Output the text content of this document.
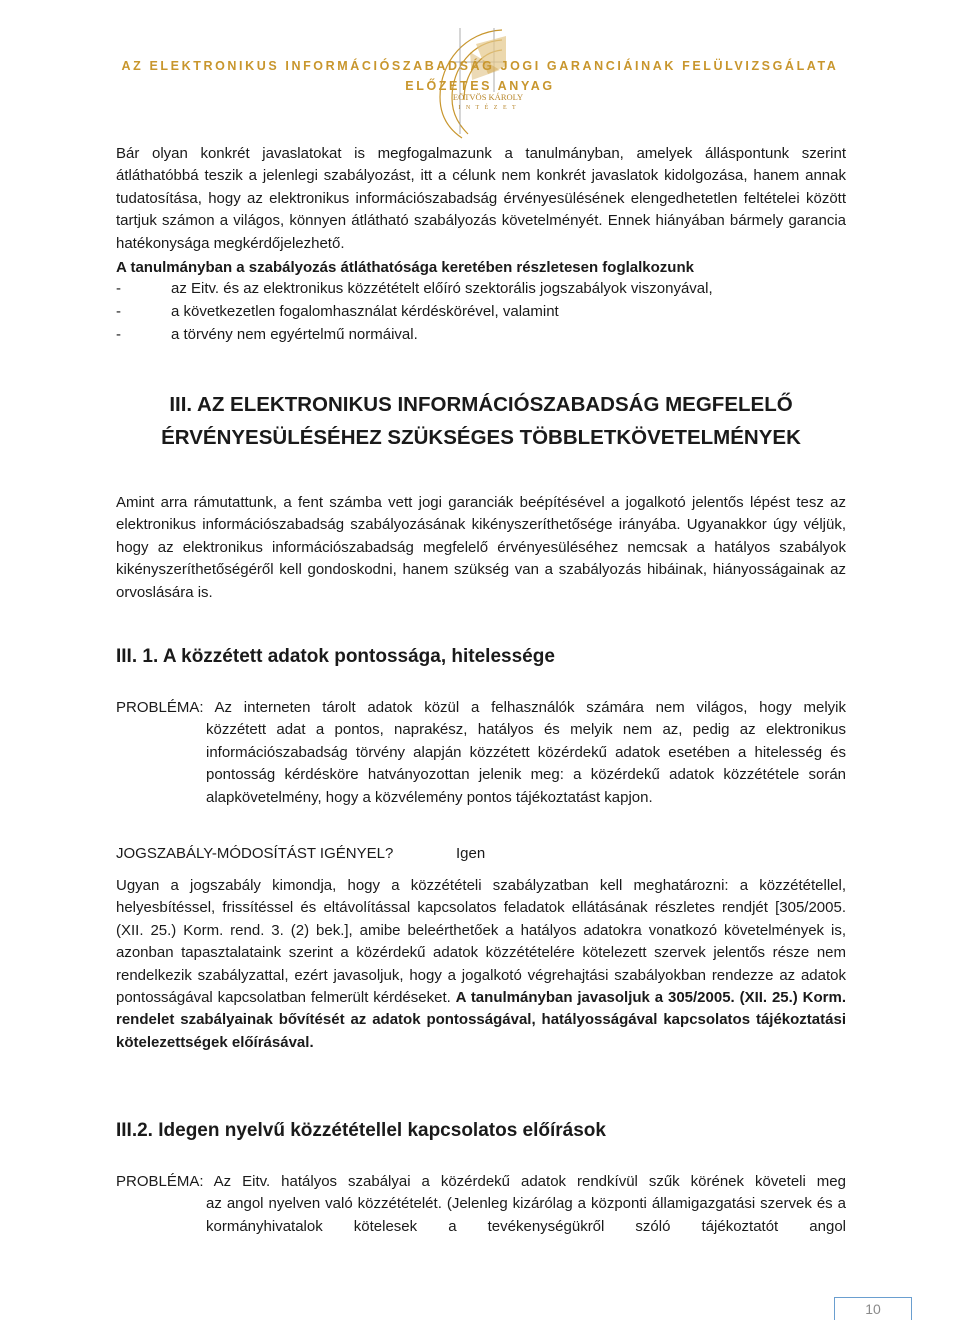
EÖTVÖS KÁROLY
I N T É Z E T
AZ ELEKTRONIKUS INFORMÁCIÓSZABADSÁG JOGI GARANCIÁINAK FELÜLVIZSGÁLATA
ELŐZETES ANYAG
Bár olyan konkrét javaslatokat is megfogalmazunk a tanulmányban, amelyek álláspontunk szerint átláthatóbbá teszik a jelenlegi szabályozást, itt a célunk nem konkrét javaslatok kidolgozása, hanem annak tudatosítása, hogy az elektronikus információszabadság érvényesülésének elengedhetetlen feltételei között tartjuk számon a világos, könnyen átlátható szabályozás követelményét. Ennek hiányában bármely garancia hatékonysága megkérdőjelezhető.
A tanulmányban a szabályozás átláthatósága keretében részletesen foglalkozunk
-	az Eitv. és az elektronikus közzétételt előíró szektorális jogszabályok viszonyával,
-	a következetlen fogalomhasználat kérdéskörével, valamint
-	a törvény nem egyértelmű normáival.
III. AZ ELEKTRONIKUS INFORMÁCIÓSZABADSÁG MEGFELELŐ
ÉRVÉNYESÜLÉSÉHEZ SZÜKSÉGES TÖBBLETKÖVETELMÉNYEK
Amint arra rámutattunk, a fent számba vett jogi garanciák beépítésével a jogalkotó jelentős lépést tesz az elektronikus információszabadság szabályozásának kikényszeríthetősége irányába. Ugyanakkor úgy véljük, hogy az elektronikus információszabadság megfelelő érvényesüléséhez nemcsak a hatályos szabályok kikényszeríthetőségéről kell gondoskodni, hanem szükség van a szabályozás hibáinak, hiányosságainak az orvoslására is.
III. 1. A közzétett adatok pontossága, hitelessége
PROBLÉMA: Az interneten tárolt adatok közül a felhasználók számára nem világos, hogy melyik
közzétett adat a pontos, naprakész, hatályos és melyik nem az, pedig az elektronikus információszabadság törvény alapján közzétett közérdekű adatok esetében a hitelesség és pontosság kérdésköre hatványozottan jelenik meg: a közérdekű adatok közzététele során alapkövetelmény, hogy a közvélemény pontos tájékoztatást kapjon.
JOGSZABÁLY-MÓDOSÍTÁST IGÉNYEL?	Igen
Ugyan a jogszabály kimondja, hogy a közzétételi szabályzatban kell meghatározni: a közzététellel, helyesbítéssel, frissítéssel és eltávolítással kapcsolatos feladatok ellátásának részletes rendjét [305/2005. (XII. 25.) Korm. rend. 3. (2) bek.], amibe beleérthetőek a hatályos adatokra vonatkozó követelmények is, azonban tapasztalataink szerint a közérdekű adatok közzétételére kötelezett szervek jelentős része nem rendelkezik szabályzattal, ezért javasoljuk, hogy a jogalkotó végrehajtási szabályokban rendezze az adatok pontosságával kapcsolatban felmerült kérdéseket. A tanulmányban javasoljuk a 305/2005. (XII. 25.) Korm. rendelet szabályainak bővítését az adatok pontosságával, hatályosságával kapcsolatos tájékoztatási kötelezettségek előírásával.
III.2. Idegen nyelvű közzététellel kapcsolatos előírások
PROBLÉMA: Az Eitv. hatályos szabályai a közérdekű adatok rendkívül szűk körének követeli meg
az angol nyelven való közzétételét. (Jelenleg kizárólag a központi államigazgatási szervek és a kormányhivatalok kötelesek a tevékenységükről szóló tájékoztatót angol
10
